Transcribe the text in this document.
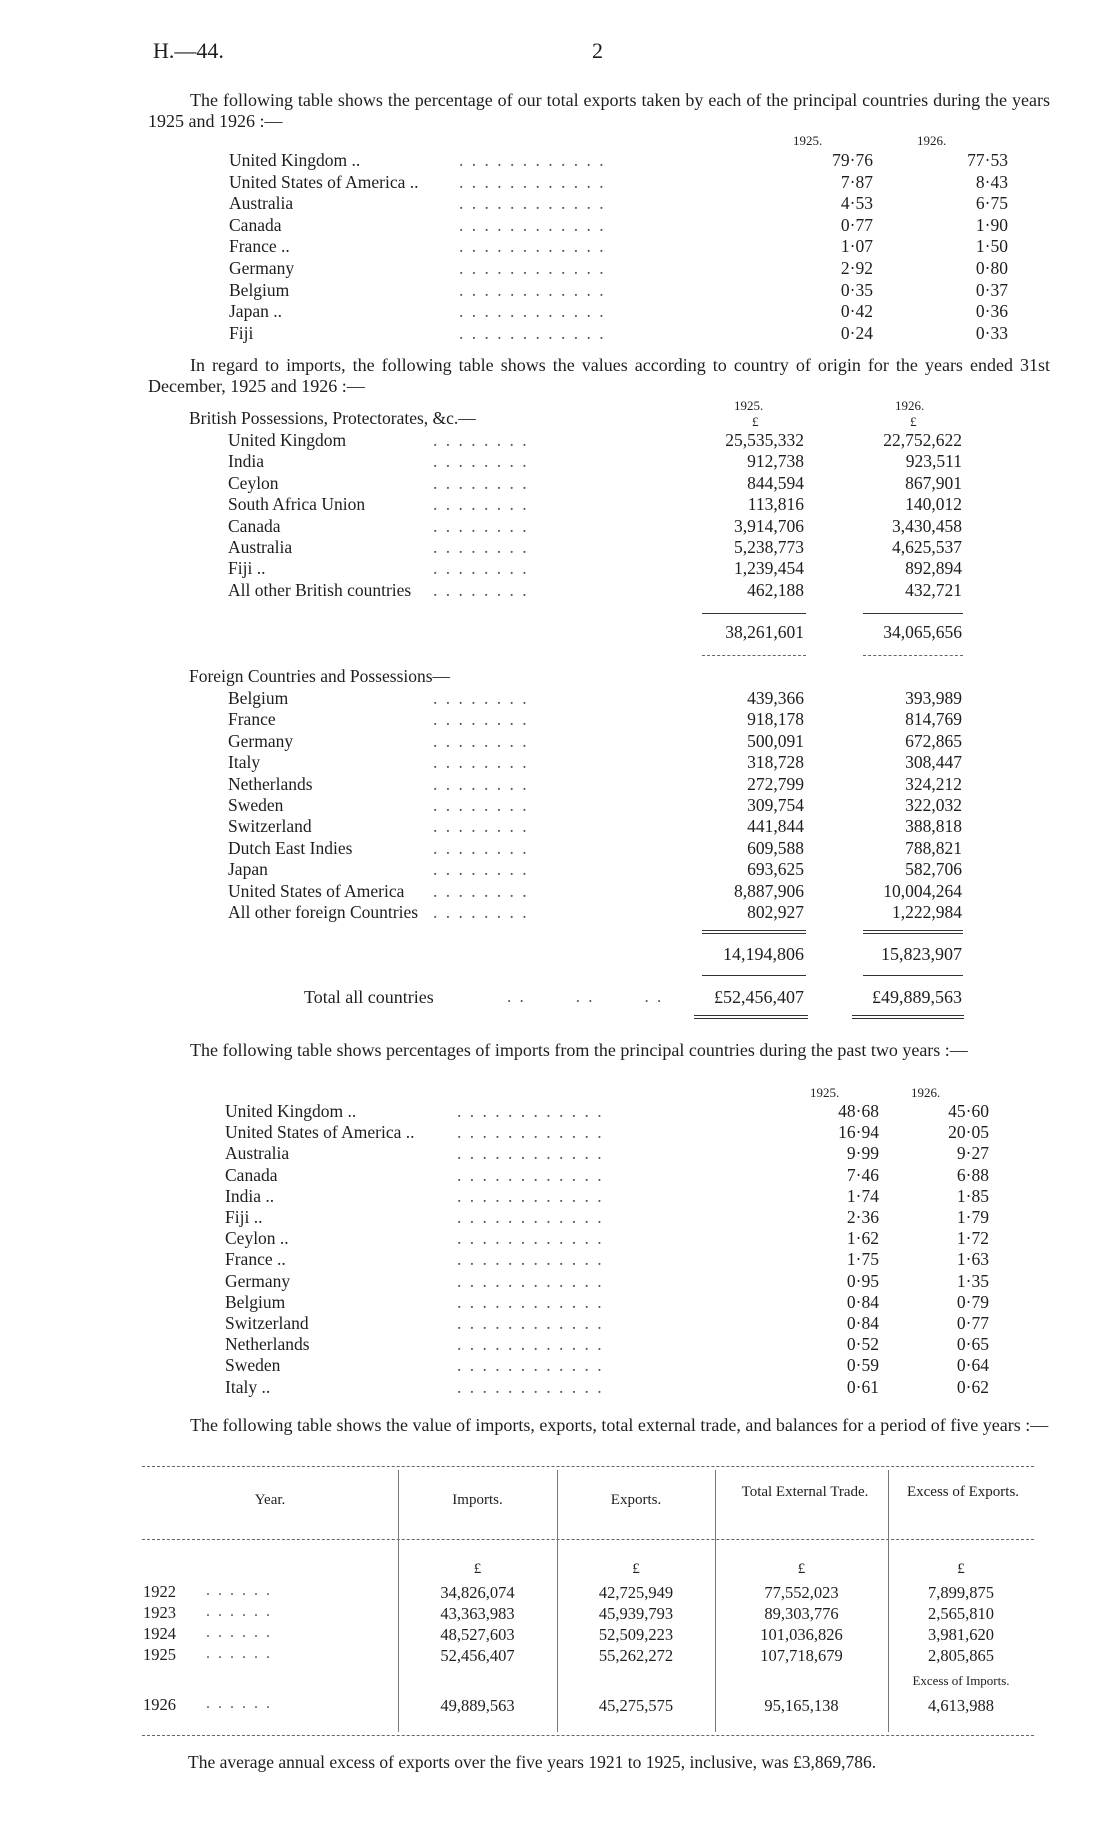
H.—44.	2
The following table shows the percentage of our total exports taken by each of the principal countries during the years 1925 and 1926 :—
1925.	1926.
United Kingdom ..	. . . . . . . . . . . .	79·76	77·53
United States of America .. . . . . . . . . . . . .	7·87	8·43
Australia	. . . . . . . . . . . .	4·53	6·75
Canada	. . . . . . . . . . . .	0·77	1·90
France ..	. . . . . . . . . . . .	1·07	1·50
Germany	. . . . . . . . . . . .	2·92	0·80
Belgium	. . . . . . . . . . . .	0·35	0·37
Japan ..	. . . . . . . . . . . .	0·42	0·36
Fiji	. . . . . . . . . . . .	0·24	0·33
In regard to imports, the following table shows the values according to country of origin for the years ended 31st December, 1925 and 1926 :—
1925.	1926.
£	£
British Possessions, Protectorates, &c.—
United Kingdom	. . . . . . . .	25,535,332	22,752,622
India	. . . . . . . .	912,738	923,511
Ceylon	. . . . . . . .	844,594	867,901
South Africa Union	. . . . . . . .	113,816	140,012
Canada	. . . . . . . .	3,914,706	3,430,458
Australia	. . . . . . . .	5,238,773	4,625,537
Fiji ..	. . . . . . . .	1,239,454	892,894
All other British countries . . . . . . . .	462,188	432,721
38,261,601	34,065,656
Foreign Countries and Possessions—
Belgium	. . . . . . . .	439,366	393,989
France	. . . . . . . .	918,178	814,769
Germany	. . . . . . . .	500,091	672,865
Italy	. . . . . . . .	318,728	308,447
Netherlands	. . . . . . . .	272,799	324,212
Sweden	. . . . . . . .	309,754	322,032
Switzerland	. . . . . . . .	441,844	388,818
Dutch East Indies	. . . . . . . .	609,588	788,821
Japan	. . . . . . . .	693,625	582,706
United States of America . . . . . . . .	8,887,906	10,004,264
All other foreign Countries . . . . . . . .	802,927	1,222,984
14,194,806	15,823,907
Total all countries	. .        . .        . .	£52,456,407	£49,889,563
The following table shows percentages of imports from the principal countries during the past two years :—
1925.	1926.
United Kingdom ..	. . . . . . . . . . . .	48·68	45·60
United States of America .. . . . . . . . . . . . .	16·94	20·05
Australia	. . . . . . . . . . . .	9·99	9·27
Canada	. . . . . . . . . . . .	7·46	6·88
India ..	. . . . . . . . . . . .	1·74	1·85
Fiji ..	. . . . . . . . . . . .	2·36	1·79
Ceylon ..	. . . . . . . . . . . .	1·62	1·72
France ..	. . . . . . . . . . . .	1·75	1·63
Germany	. . . . . . . . . . . .	0·95	1·35
Belgium	. . . . . . . . . . . .	0·84	0·79
Switzerland	. . . . . . . . . . . .	0·84	0·77
Netherlands	. . . . . . . . . . . .	0·52	0·65
Sweden	. . . . . . . . . . . .	0·59	0·64
Italy ..	. . . . . . . . . . . .	0·61	0·62
The following table shows the value of imports, exports, total external trade, and balances for a period of five years :—
Year.	Imports.	Exports.	Total External Trade.	Excess of Exports.
£	£	£	£
1922 . . . . . .	34,826,074	42,725,949	77,552,023	7,899,875
1923 . . . . . .	43,363,983	45,939,793	89,303,776	2,565,810
1924 . . . . . .	48,527,603	52,509,223	101,036,826	3,981,620
1925 . . . . . .	52,456,407	55,262,272	107,718,679	2,805,865
1926 . . . . . .	49,889,563	45,275,575	95,165,138	4,613,988
Excess of Imports.
The average annual excess of exports over the five years 1921 to 1925, inclusive, was £3,869,786.
